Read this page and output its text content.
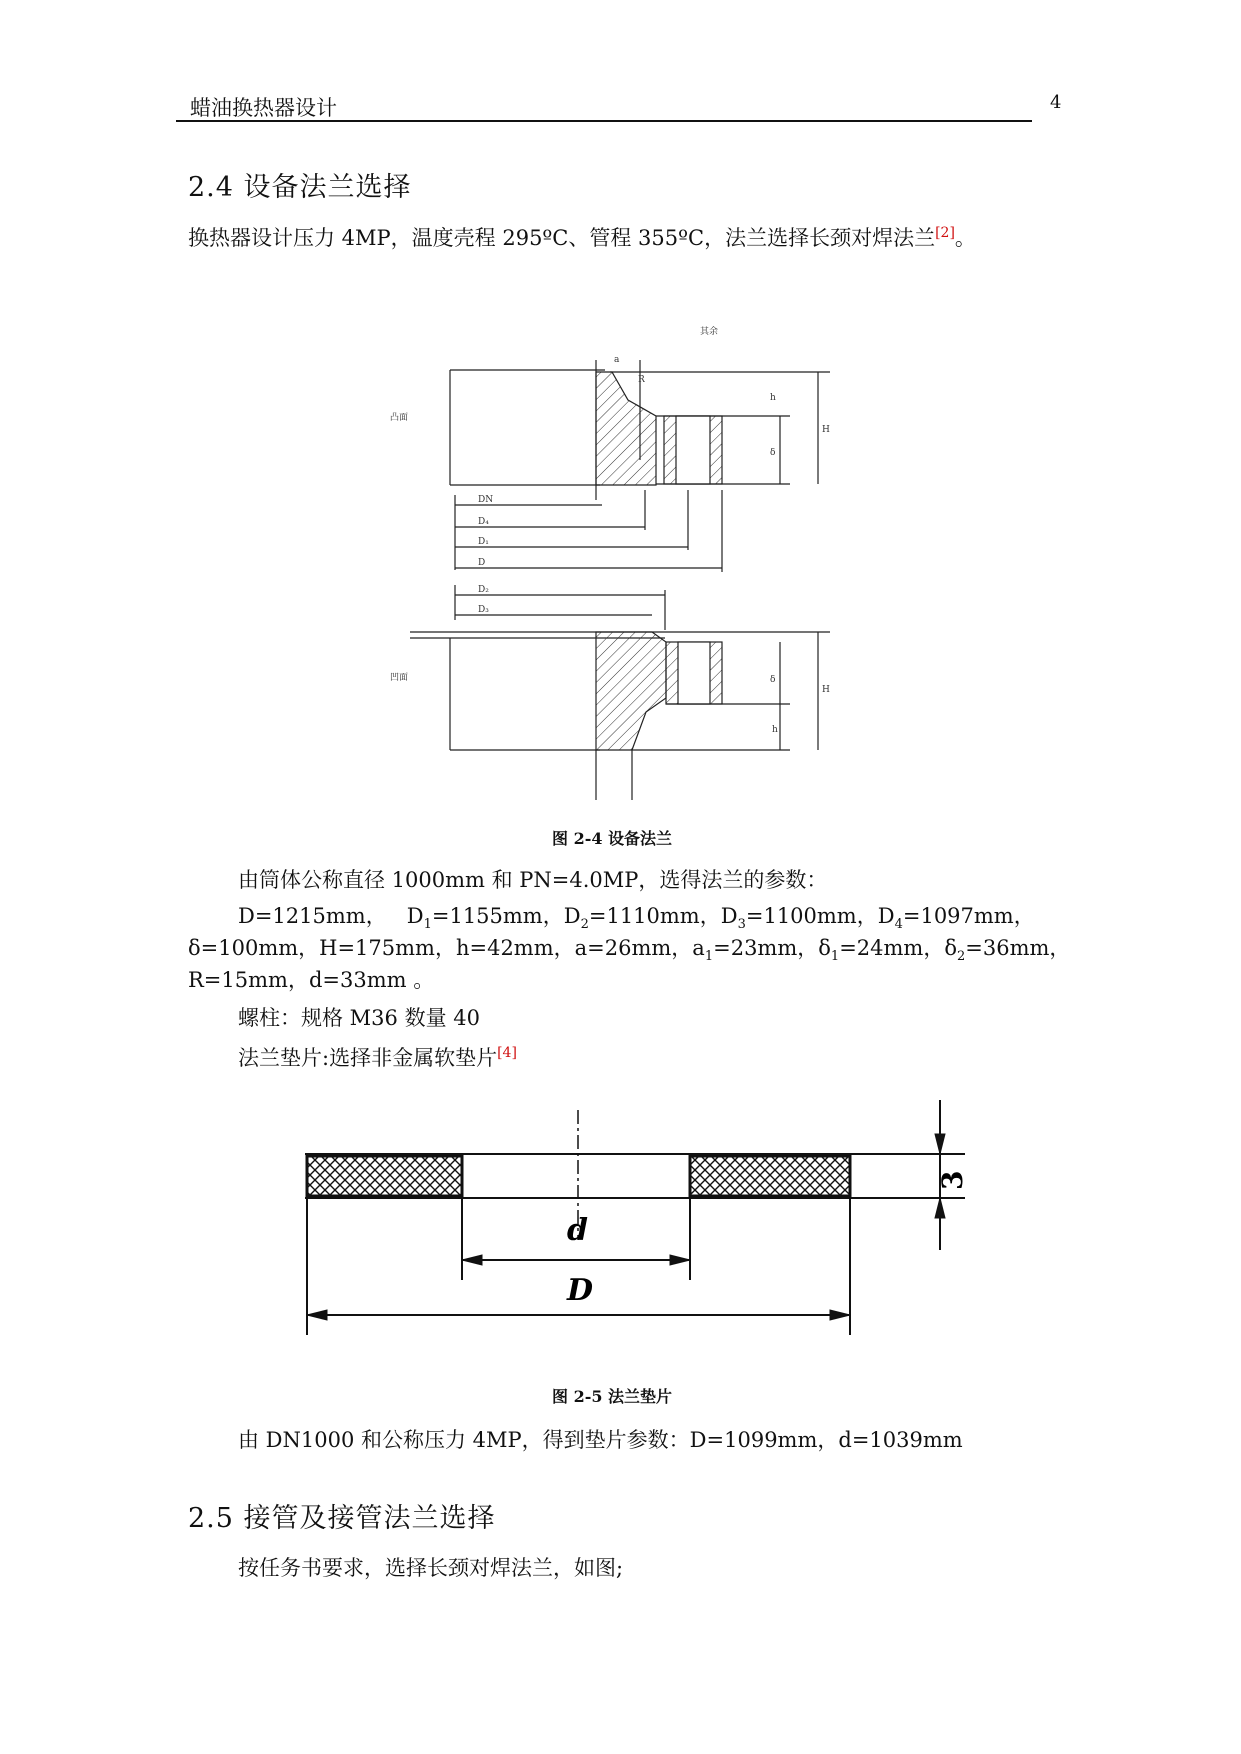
蜡油换热器设计	4
2.4 设备法兰选择
换热器设计压力 4MP，温度壳程 295ºC、管程 355ºC，法兰选择长颈对焊法兰[2]。
凸面
DN
D₄
D₁
D
D₂
D₃
凹面
δ
h
H
H
δ
h
其余
a
R
图 2-4 设备法兰
由筒体公称直径 1000mm 和 PN=4.0MP，选得法兰的参数：
D=1215mm， $D_1=1155mm$，$D_2=1110mm$，$D_3=1100mm$，$D_4=1097mm$，
δ=100mm，H=175mm，h=42mm，a=26mm，$a_1=23mm$，$\delta_1=24mm$，$\delta_2=36mm$，
R=15mm，d=33mm 。
螺柱：规格 M36 数量 40
法兰垫片:选择非金属软垫片[4]
d
D
3
图 2-5 法兰垫片
由 DN1000 和公称压力 4MP，得到垫片参数：D=1099mm，d=1039mm
2.5 接管及接管法兰选择
按任务书要求，选择长颈对焊法兰，如图;
